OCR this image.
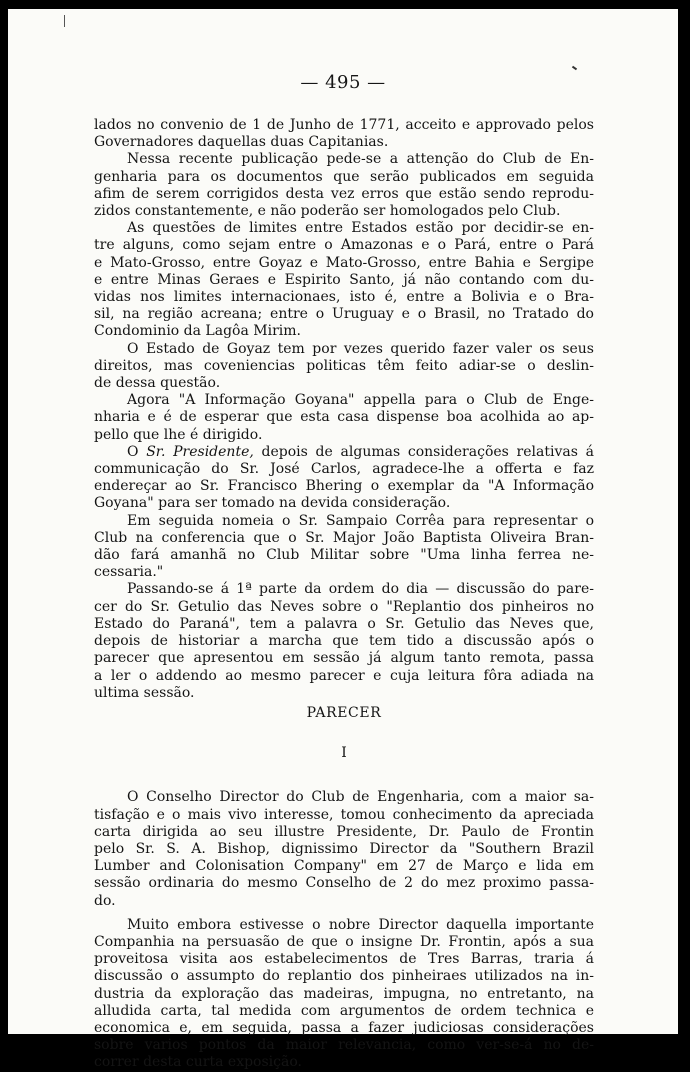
— 495 —
lados no convenio de 1 de Junho de 1771, acceito e approvado pelos
Governadores daquellas duas Capitanias.
Nessa recente publicação pede-se a attenção do Club de En-
genharia para os documentos que serão publicados em seguida
afim de serem corrigidos desta vez erros que estão sendo reprodu-
zidos constantemente, e não poderão ser homologados pelo Club.
As questões de limites entre Estados estão por decidir-se en-
tre alguns, como sejam entre o Amazonas e o Pará, entre o Pará
e Mato-Grosso, entre Goyaz e Mato-Grosso, entre Bahia e Sergipe
e entre Minas Geraes e Espirito Santo, já não contando com du-
vidas nos limites internacionaes, isto é, entre a Bolivia e o Bra-
sil, na região acreana; entre o Uruguay e o Brasil, no Tratado do
Condominio da Lagôa Mirim.
O Estado de Goyaz tem por vezes querido fazer valer os seus
direitos, mas coveniencias politicas têm feito adiar-se o deslin-
de dessa questão.
Agora "A Informação Goyana" appella para o Club de Enge-
nharia e é de esperar que esta casa dispense boa acolhida ao ap-
pello que lhe é dirigido.
O Sr. Presidente, depois de algumas considerações relativas á
communicação do Sr. José Carlos, agradece-lhe a offerta e faz
endereçar ao Sr. Francisco Bhering o exemplar da "A Informação
Goyana" para ser tomado na devida consideração.
Em seguida nomeia o Sr. Sampaio Corrêa para representar o
Club na conferencia que o Sr. Major João Baptista Oliveira Bran-
dão fará amanhã no Club Militar sobre "Uma linha ferrea ne-
cessaria."
Passando-se á 1ª parte da ordem do dia — discussão do pare-
cer do Sr. Getulio das Neves sobre o "Replantio dos pinheiros no
Estado do Paraná", tem a palavra o Sr. Getulio das Neves que,
depois de historiar a marcha que tem tido a discussão após o
parecer que apresentou em sessão já algum tanto remota, passa
a ler o addendo ao mesmo parecer e cuja leitura fôra adiada na
ultima sessão.
PARECER
I
O Conselho Director do Club de Engenharia, com a maior sa-
tisfação e o mais vivo interesse, tomou conhecimento da apreciada
carta dirigida ao seu illustre Presidente, Dr. Paulo de Frontin
pelo Sr. S. A. Bishop, dignissimo Director da "Southern Brazil
Lumber and Colonisation Company" em 27 de Março e lida em
sessão ordinaria do mesmo Conselho de 2 do mez proximo passa-
do.
Muito embora estivesse o nobre Director daquella importante
Companhia na persuasão de que o insigne Dr. Frontin, após a sua
proveitosa visita aos estabelecimentos de Tres Barras, traria á
discussão o assumpto do replantio dos pinheiraes utilizados na in-
dustria da exploração das madeiras, impugna, no entretanto, na
alludida carta, tal medida com argumentos de ordem technica e
economica e, em seguida, passa a fazer judiciosas considerações
sobre varios pontos da maior relevancia, como ver-se-á no de-
correr desta curta exposição.
